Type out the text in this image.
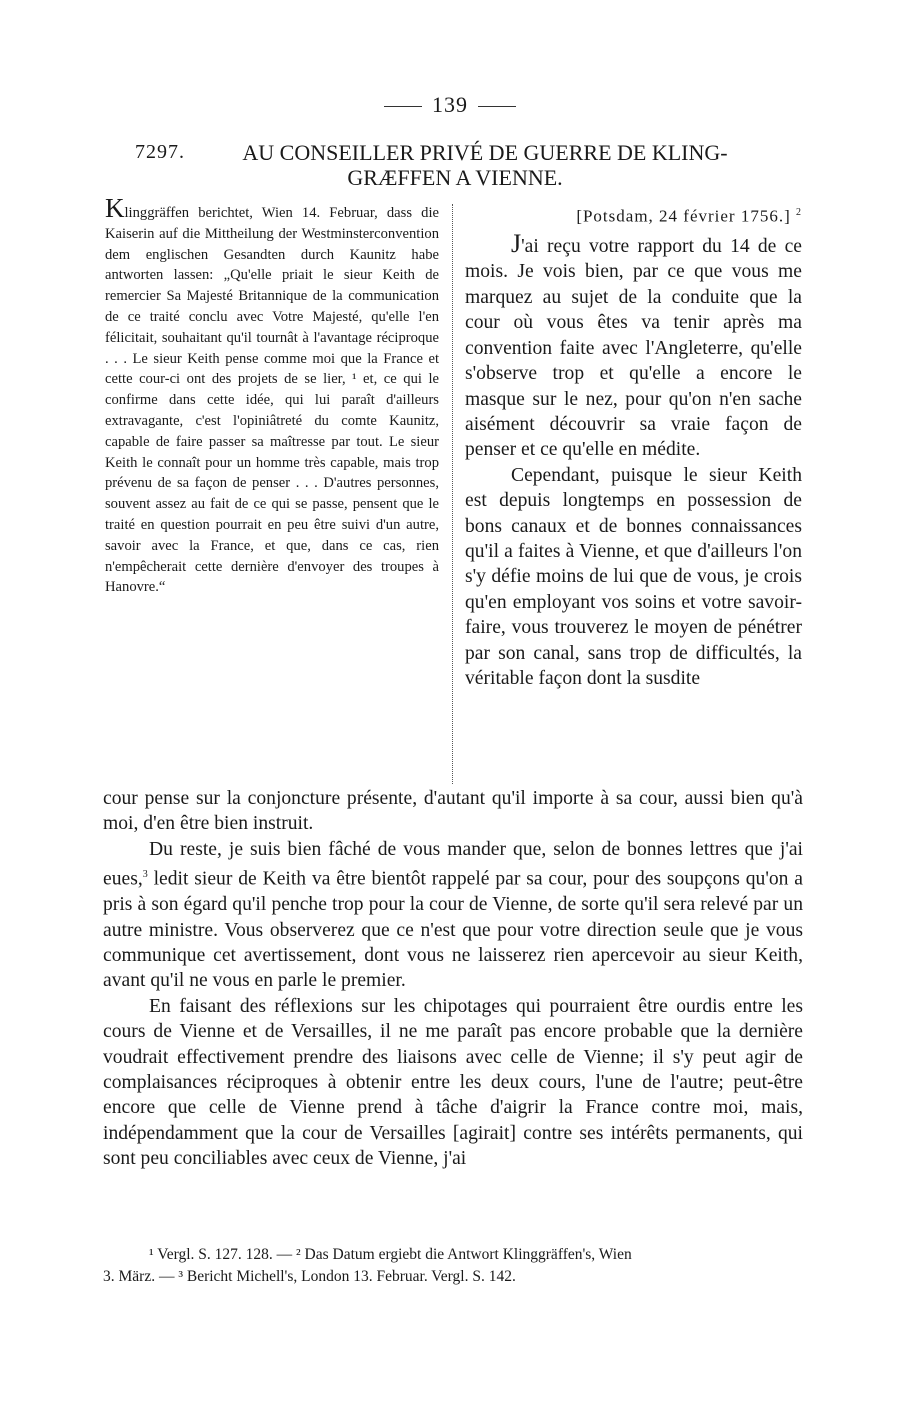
139
7297.	AU CONSEILLER PRIVÉ DE GUERRE DE KLING-
GRÆFFEN A VIENNE.
Klinggräffen berichtet, Wien 14. Februar, dass die Kaiserin auf die Mittheilung der Westminsterconvention dem englischen Gesandten durch Kaunitz habe antworten lassen: „Qu'elle priait le sieur Keith de remercier Sa Majesté Britannique de la communication de ce traité conclu avec Votre Majesté, qu'elle l'en félicitait, souhaitant qu'il tournât à l'avantage réciproque . . . Le sieur Keith pense comme moi que la France et cette cour-ci ont des projets de se lier, ¹ et, ce qui le confirme dans cette idée, qui lui paraît d'ailleurs extravagante, c'est l'opiniâtreté du comte Kaunitz, capable de faire passer sa maîtresse par tout. Le sieur Keith le connaît pour un homme très capable, mais trop prévenu de sa façon de penser . . . D'autres personnes, souvent assez au fait de ce qui se passe, pensent que le traité en question pourrait en peu être suivi d'un autre, savoir avec la France, et que, dans ce cas, rien n'empêcherait cette dernière d'envoyer des troupes à Hanovre.“
[Potsdam, 24 février 1756.] $^2$

J'ai reçu votre rapport du 14 de ce mois. Je vois bien, par ce que vous me marquez au sujet de la conduite que la cour où vous êtes va tenir après ma convention faite avec l'Angleterre, qu'elle s'observe trop et qu'elle a encore le masque sur le nez, pour qu'on n'en sache aisément découvrir sa vraie façon de penser et ce qu'elle en médite.

Cependant, puisque le sieur Keith est depuis longtemps en possession de bons canaux et de bonnes connaissances qu'il a faites à Vienne, et que d'ailleurs l'on s'y défie moins de lui que de vous, je crois qu'en employant vos soins et votre savoir-faire, vous trouverez le moyen de pénétrer par son canal, sans trop de difficultés, la véritable façon dont la susdite

cour pense sur la conjoncture présente, d'autant qu'il importe à sa cour, aussi bien qu'à moi, d'en être bien instruit.

Du reste, je suis bien fâché de vous mander que, selon de bonnes lettres que j'ai eues,$^3$ ledit sieur de Keith va être bientôt rappelé par sa cour, pour des soupçons qu'on a pris à son égard qu'il penche trop pour la cour de Vienne, de sorte qu'il sera relevé par un autre ministre. Vous observerez que ce n'est que pour votre direction seule que je vous communique cet avertissement, dont vous ne laisserez rien apercevoir au sieur Keith, avant qu'il ne vous en parle le premier.

En faisant des réflexions sur les chipotages qui pourraient être ourdis entre les cours de Vienne et de Versailles, il ne me paraît pas encore probable que la dernière voudrait effectivement prendre des liaisons avec celle de Vienne; il s'y peut agir de complaisances réciproques à obtenir entre les deux cours, l'une de l'autre; peut-être encore que celle de Vienne prend à tâche d'aigrir la France contre moi, mais, indépendamment que la cour de Versailles [agirait] contre ses intérêts permanents, qui sont peu conciliables avec ceux de Vienne, j'ai

¹ Vergl. S. 127. 128. — ² Das Datum ergiebt die Antwort Klinggräffen's, Wien

3. März. — ³ Bericht Michell's, London 13. Februar. Vergl. S. 142.
